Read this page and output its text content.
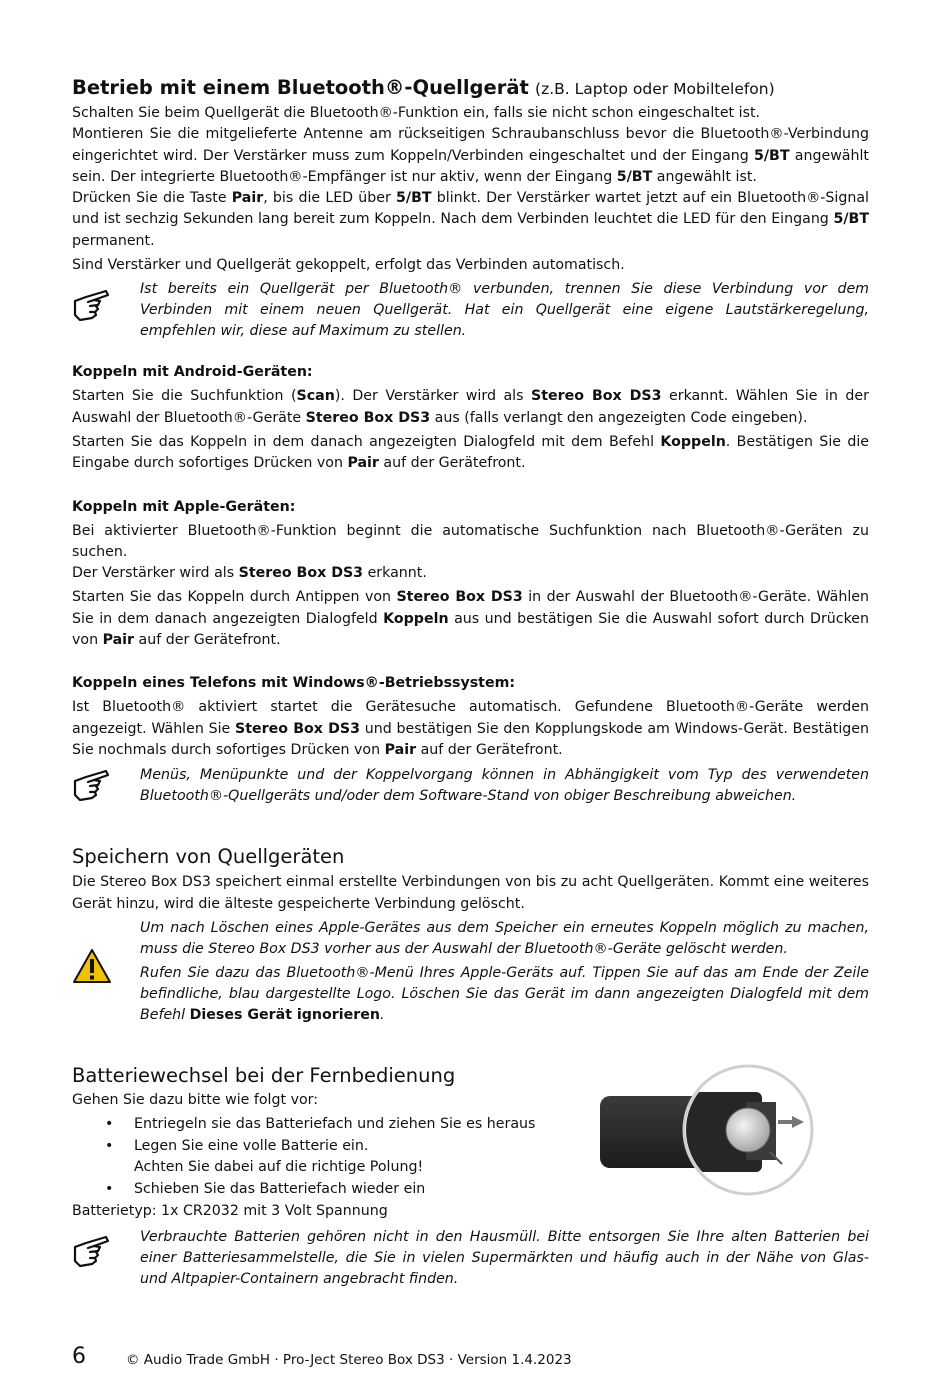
Betrieb mit einem Bluetooth®-Quellgerät (z.B. Laptop oder Mobiltelefon)

Schalten Sie beim Quellgerät die Bluetooth®-Funktion ein, falls sie nicht schon eingeschaltet ist.

Montieren Sie die mitgelieferte Antenne am rückseitigen Schraubanschluss bevor die Bluetooth®-Verbindung eingerichtet wird. Der Verstärker muss zum Koppeln/Verbinden eingeschaltet und der Eingang 5/BT angewählt sein. Der integrierte Bluetooth®-Empfänger ist nur aktiv, wenn der Eingang 5/BT angewählt ist.

Drücken Sie die Taste Pair, bis die LED über 5/BT blinkt. Der Verstärker wartet jetzt auf ein Bluetooth®-Signal und ist sechzig Sekunden lang bereit zum Koppeln. Nach dem Verbinden leuchtet die LED für den Eingang 5/BT permanent.

Sind Verstärker und Quellgerät gekoppelt, erfolgt das Verbinden automatisch.

Ist bereits ein Quellgerät per Bluetooth® verbunden, trennen Sie diese Verbindung vor dem Verbinden mit einem neuen Quellgerät. Hat ein Quellgerät eine eigene Lautstärkeregelung, empfehlen wir, diese auf Maximum zu stellen.

Koppeln mit Android-Geräten:

Starten Sie die Suchfunktion (Scan). Der Verstärker wird als Stereo Box DS3 erkannt. Wählen Sie in der Auswahl der Bluetooth®-Geräte Stereo Box DS3 aus (falls verlangt den angezeigten Code eingeben).

Starten Sie das Koppeln in dem danach angezeigten Dialogfeld mit dem Befehl Koppeln. Bestätigen Sie die Eingabe durch sofortiges Drücken von Pair auf der Gerätefront.

Koppeln mit Apple-Geräten:

Bei aktivierter Bluetooth®-Funktion beginnt die automatische Suchfunktion nach Bluetooth®-Geräten zu suchen.

Der Verstärker wird als Stereo Box DS3 erkannt.

Starten Sie das Koppeln durch Antippen von Stereo Box DS3 in der Auswahl der Bluetooth®-Geräte. Wählen Sie in dem danach angezeigten Dialogfeld Koppeln aus und bestätigen Sie die Auswahl sofort durch Drücken von Pair auf der Gerätefront.

Koppeln eines Telefons mit Windows®-Betriebssystem:

Ist Bluetooth® aktiviert startet die Gerätesuche automatisch. Gefundene Bluetooth®-Geräte werden angezeigt. Wählen Sie Stereo Box DS3 und bestätigen Sie den Kopplungskode am Windows-Gerät. Bestätigen Sie nochmals durch sofortiges Drücken von Pair auf der Gerätefront.

Menüs, Menüpunkte und der Koppelvorgang können in Abhängigkeit vom Typ des verwendeten Bluetooth®-Quellgeräts und/oder dem Software-Stand von obiger Beschreibung abweichen.

Speichern von Quellgeräten

Die Stereo Box DS3 speichert einmal erstellte Verbindungen von bis zu acht Quellgeräten. Kommt eine weiteres Gerät hinzu, wird die älteste gespeicherte Verbindung gelöscht.

Um nach Löschen eines Apple-Gerätes aus dem Speicher ein erneutes Koppeln möglich zu machen, muss die Stereo Box DS3 vorher aus der Auswahl der Bluetooth®-Geräte gelöscht werden.

Rufen Sie dazu das Bluetooth®-Menü Ihres Apple-Geräts auf. Tippen Sie auf das am Ende der Zeile befindliche, blau dargestellte Logo. Löschen Sie das Gerät im dann angezeigten Dialogfeld mit dem Befehl Dieses Gerät ignorieren.

Batteriewechsel bei der Fernbedienung

Gehen Sie dazu bitte wie folgt vor:

• Entriegeln sie das Batteriefach und ziehen Sie es heraus
• Legen Sie eine volle Batterie ein.
Achten Sie dabei auf die richtige Polung!
• Schieben Sie das Batteriefach wieder ein

Batterietyp: 1x CR2032 mit 3 Volt Spannung

Verbrauchte Batterien gehören nicht in den Hausmüll. Bitte entsorgen Sie Ihre alten Batterien bei einer Batteriesammelstelle, die Sie in vielen Supermärkten und häufig auch in der Nähe von Glas- und Altpapier-Containern angebracht finden.

6	© Audio Trade GmbH · Pro-Ject Stereo Box DS3 · Version 1.4.2023
